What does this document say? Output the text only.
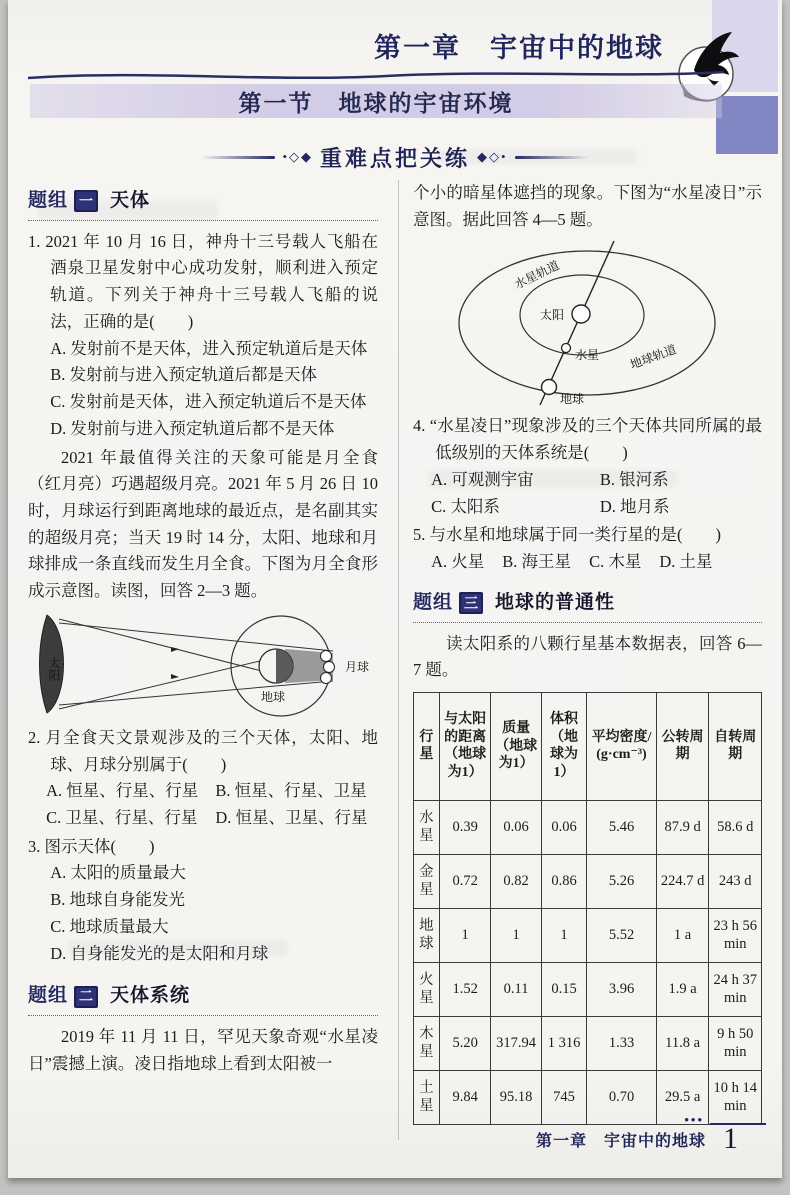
第一章　宇宙中的地球
第一节　地球的宇宙环境
•◇◆ 重难点把关练 ◆◇•
题组 一 天体
1. 2021 年 10 月 16 日，神舟十三号载人飞船在酒泉卫星发射中心成功发射，顺利进入预定轨道。下列关于神舟十三号载人飞船的说法，正确的是(　　)
A. 发射前不是天体，进入预定轨道后是天体
B. 发射前与进入预定轨道后都是天体
C. 发射前是天体，进入预定轨道后不是天体
D. 发射前与进入预定轨道后都不是天体
2021 年最值得关注的天象可能是月全食（红月亮）巧遇超级月亮。2021 年 5 月 26 日 10 时，月球运行到距离地球的最近点，是名副其实的超级月亮；当天 19 时 14 分，太阳、地球和月球排成一条直线而发生月全食。下图为月全食形成示意图。读图，回答 2—3 题。
太阳	月球
地球
2. 月全食天文景观涉及的三个天体，太阳、地球、月球分别属于(　　)
A. 恒星、行星、行星	B. 恒星、行星、卫星
C. 卫星、行星、行星	D. 恒星、卫星、行星
3. 图示天体(　　)
A. 太阳的质量最大
B. 地球自身能发光
C. 地球质量最大
D. 自身能发光的是太阳和月球
题组 二 天体系统
2019 年 11 月 11 日，罕见天象奇观“水星凌日”震撼上演。凌日指地球上看到太阳被一
个小的暗星体遮挡的现象。下图为“水星凌日”示意图。据此回答 4—5 题。
水星轨道
太阳
水星 地球轨道
地球
4. “水星凌日”现象涉及的三个天体共同所属的最低级别的天体系统是(　　)
A. 可观测宇宙	B. 银河系
C. 太阳系	D. 地月系
5. 与水星和地球属于同一类行星的是(　　)
A. 火星 B. 海王星 C. 木星 D. 土星
题组 三 地球的普通性
读太阳系的八颗行星基本数据表，回答 6—7 题。
行星	与太阳的距离（地球为1）	质量（地球为1）	体积（地球为1）	平均密度/ (g·cm⁻³)	公转周期	自转周期
水星	0.39	0.06	0.06	5.46	87.9 d	58.6 d
金星	0.72	0.82	0.86	5.26	224.7 d	243 d
地球	1	1	1	5.52	1 a	23 h 56 min
火星	1.52	0.11	0.15	3.96	1.9 a	24 h 37 min
木星	5.20	317.94	1 316	1.33	11.8 a	9 h 50 min
土星	9.84	95.18	745	0.70	29.5 a	10 h 14 min
•••
第一章　宇宙中的地球 1
